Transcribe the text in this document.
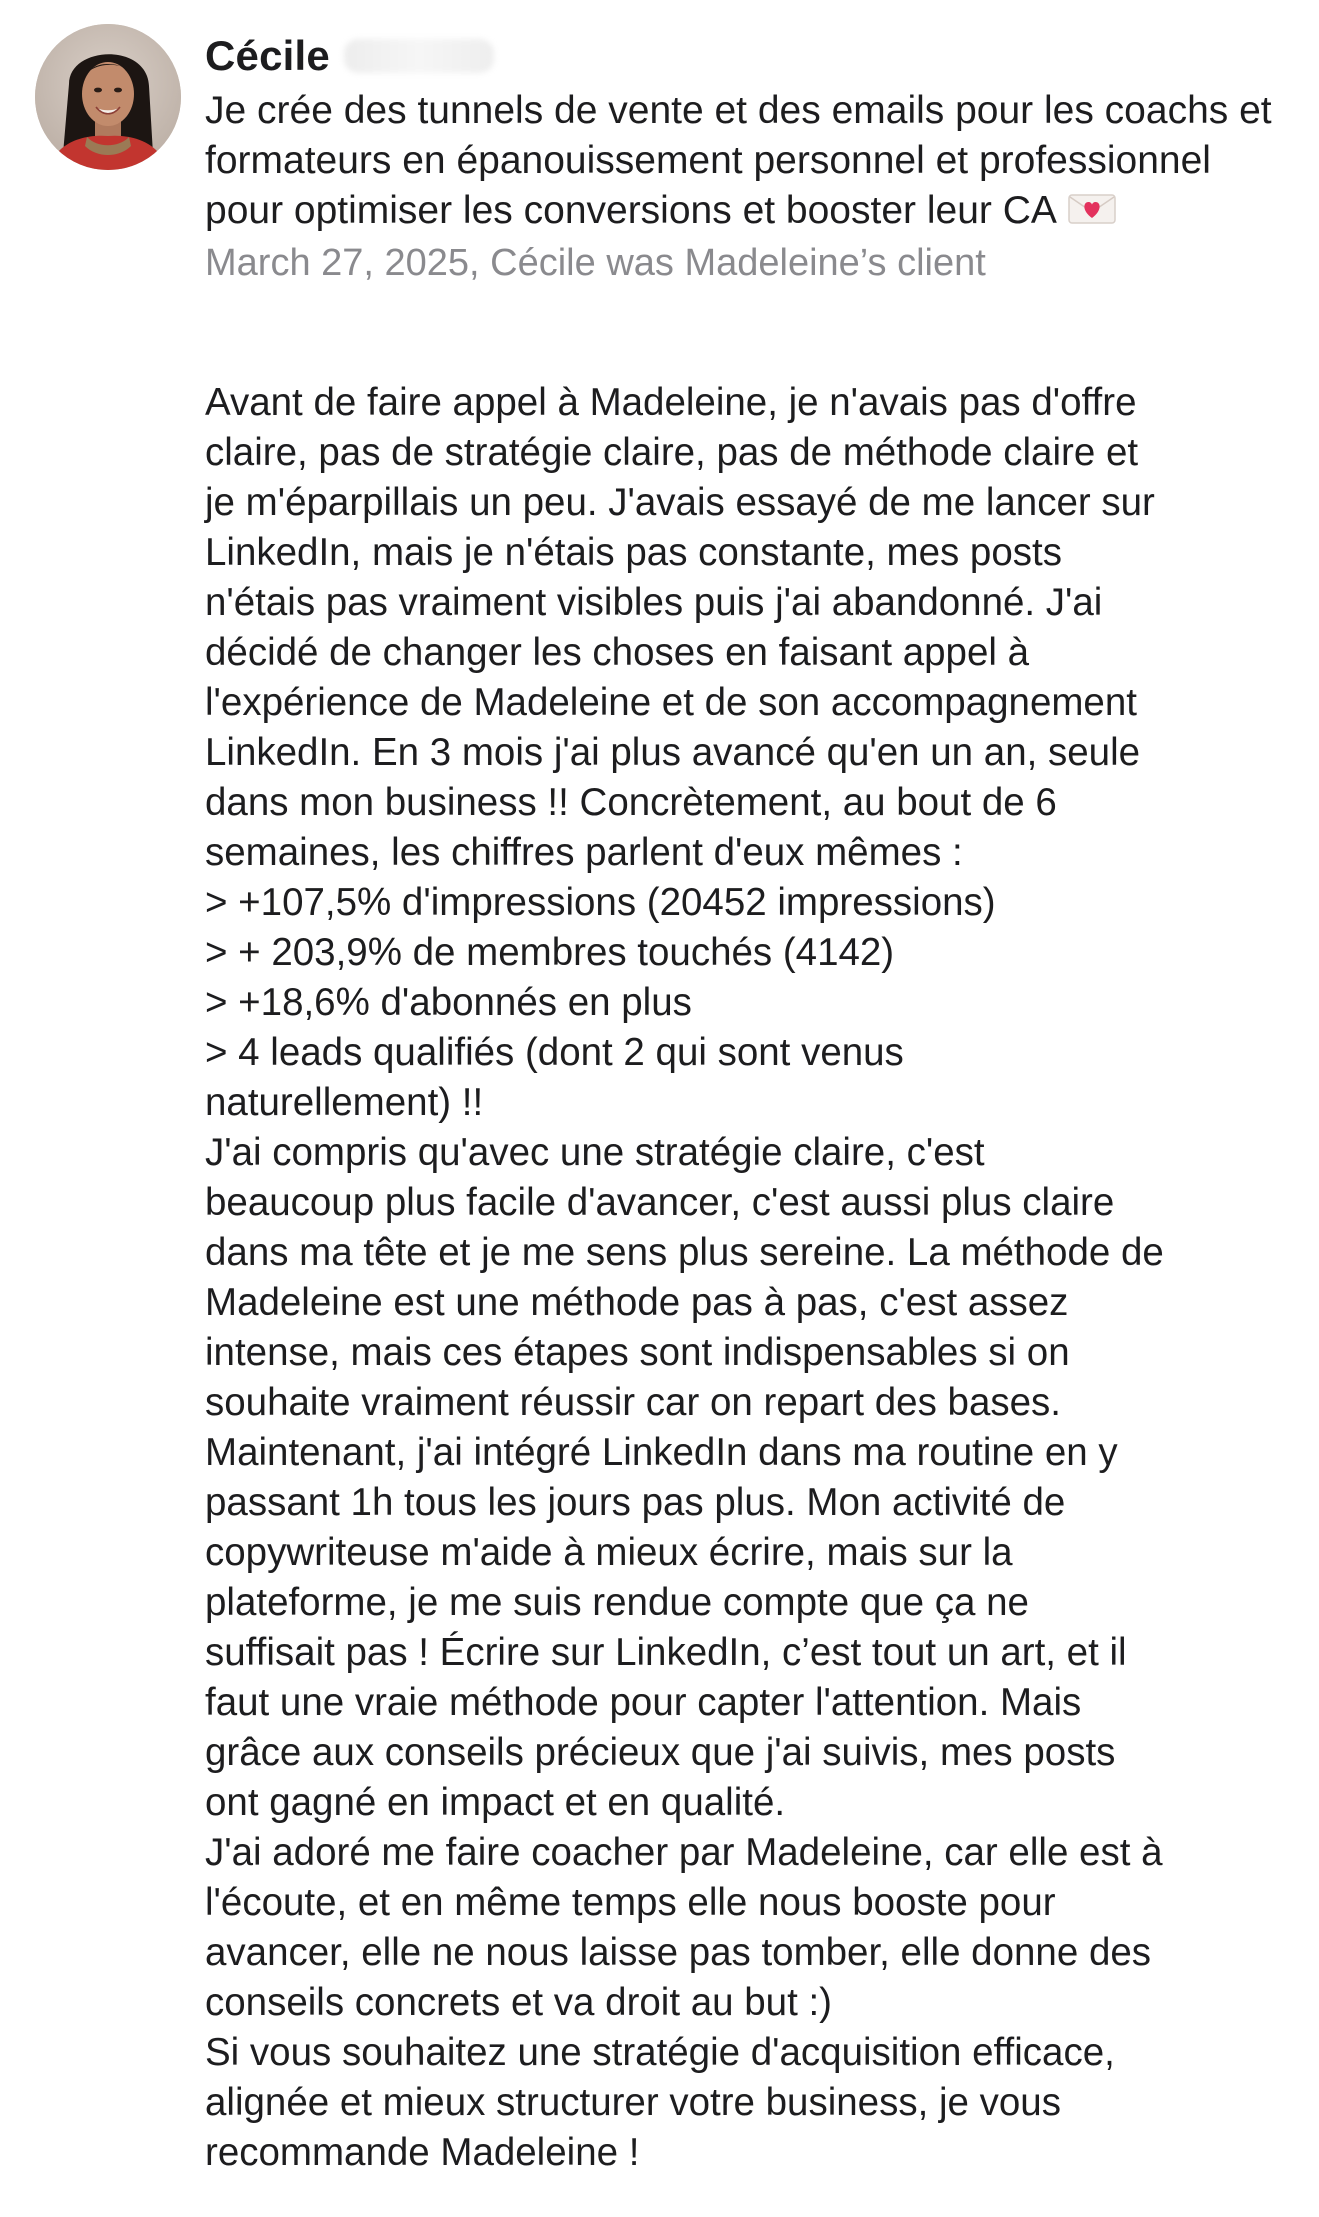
Cécile
Je crée des tunnels de vente et des emails pour les coachs et formateurs en épanouissement personnel et professionnel pour optimiser les conversions et booster leur CA
March 27, 2025, Cécile was Madeleine’s client
Avant de faire appel à Madeleine, je n'avais pas d'offre
claire, pas de stratégie claire, pas de méthode claire et
je m'éparpillais un peu. J'avais essayé de me lancer sur
LinkedIn, mais je n'étais pas constante, mes posts
n'étais pas vraiment visibles puis j'ai abandonné. J'ai
décidé de changer les choses en faisant appel à
l'expérience de Madeleine et de son accompagnement
LinkedIn. En 3 mois j'ai plus avancé qu'en un an, seule
dans mon business !! Concrètement, au bout de 6
semaines, les chiffres parlent d'eux mêmes :
> +107,5% d'impressions (20452 impressions)
> + 203,9% de membres touchés (4142)
> +18,6% d'abonnés en plus
> 4 leads qualifiés (dont 2 qui sont venus
naturellement) !!
J'ai compris qu'avec une stratégie claire, c'est
beaucoup plus facile d'avancer, c'est aussi plus claire
dans ma tête et je me sens plus sereine. La méthode de
Madeleine est une méthode pas à pas, c'est assez
intense, mais ces étapes sont indispensables si on
souhaite vraiment réussir car on repart des bases.
Maintenant, j'ai intégré LinkedIn dans ma routine en y
passant 1h tous les jours pas plus. Mon activité de
copywriteuse m'aide à mieux écrire, mais sur la
plateforme, je me suis rendue compte que ça ne
suffisait pas ! Écrire sur LinkedIn, c’est tout un art, et il
faut une vraie méthode pour capter l'attention. Mais
grâce aux conseils précieux que j'ai suivis, mes posts
ont gagné en impact et en qualité.
J'ai adoré me faire coacher par Madeleine, car elle est à
l'écoute, et en même temps elle nous booste pour
avancer, elle ne nous laisse pas tomber, elle donne des
conseils concrets et va droit au but :)
Si vous souhaitez une stratégie d'acquisition efficace,
alignée et mieux structurer votre business, je vous
recommande Madeleine !
